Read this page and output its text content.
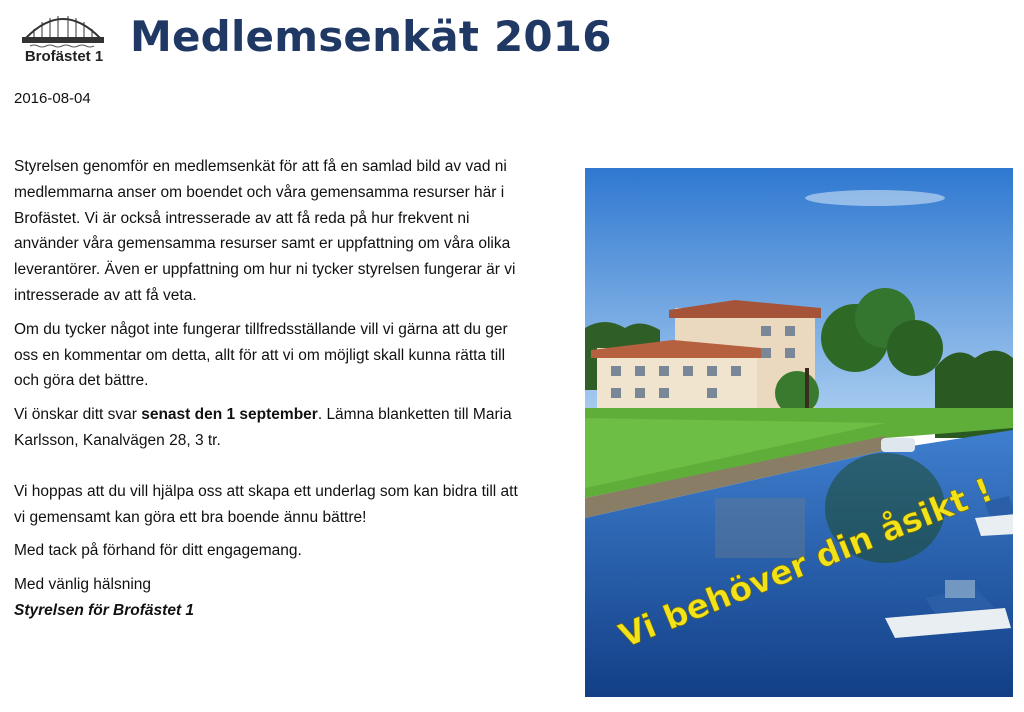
Brofästet 1 Medlemsenkät 2016
2016-08-04

Styrelsen genomför en medlemsenkät för att få en samlad bild av vad ni medlemmarna anser om boendet och våra gemensamma resurser här i Brofästet. Vi är också intresserade av att få reda på hur frekvent ni använder våra gemensamma resurser samt er uppfattning om våra olika leverantörer. Även er uppfattning om hur ni tycker styrelsen fungerar är vi intresserade av att få veta.

Om du tycker något inte fungerar tillfredsställande vill vi gärna att du ger oss en kommentar om detta, allt för att vi om möjligt skall kunna rätta till och göra det bättre.

Vi önskar ditt svar senast den 1 september. Lämna blanketten till Maria Karlsson, Kanalvägen 28, 3 tr.

Vi hoppas att du vill hjälpa oss att skapa ett underlag som kan bidra till att vi gemensamt kan göra ett bra boende ännu bättre!

Med tack på förhand för ditt engagemang.

Med vänlig hälsning

Styrelsen för Brofästet 1	Vi behöver din åsikt !
